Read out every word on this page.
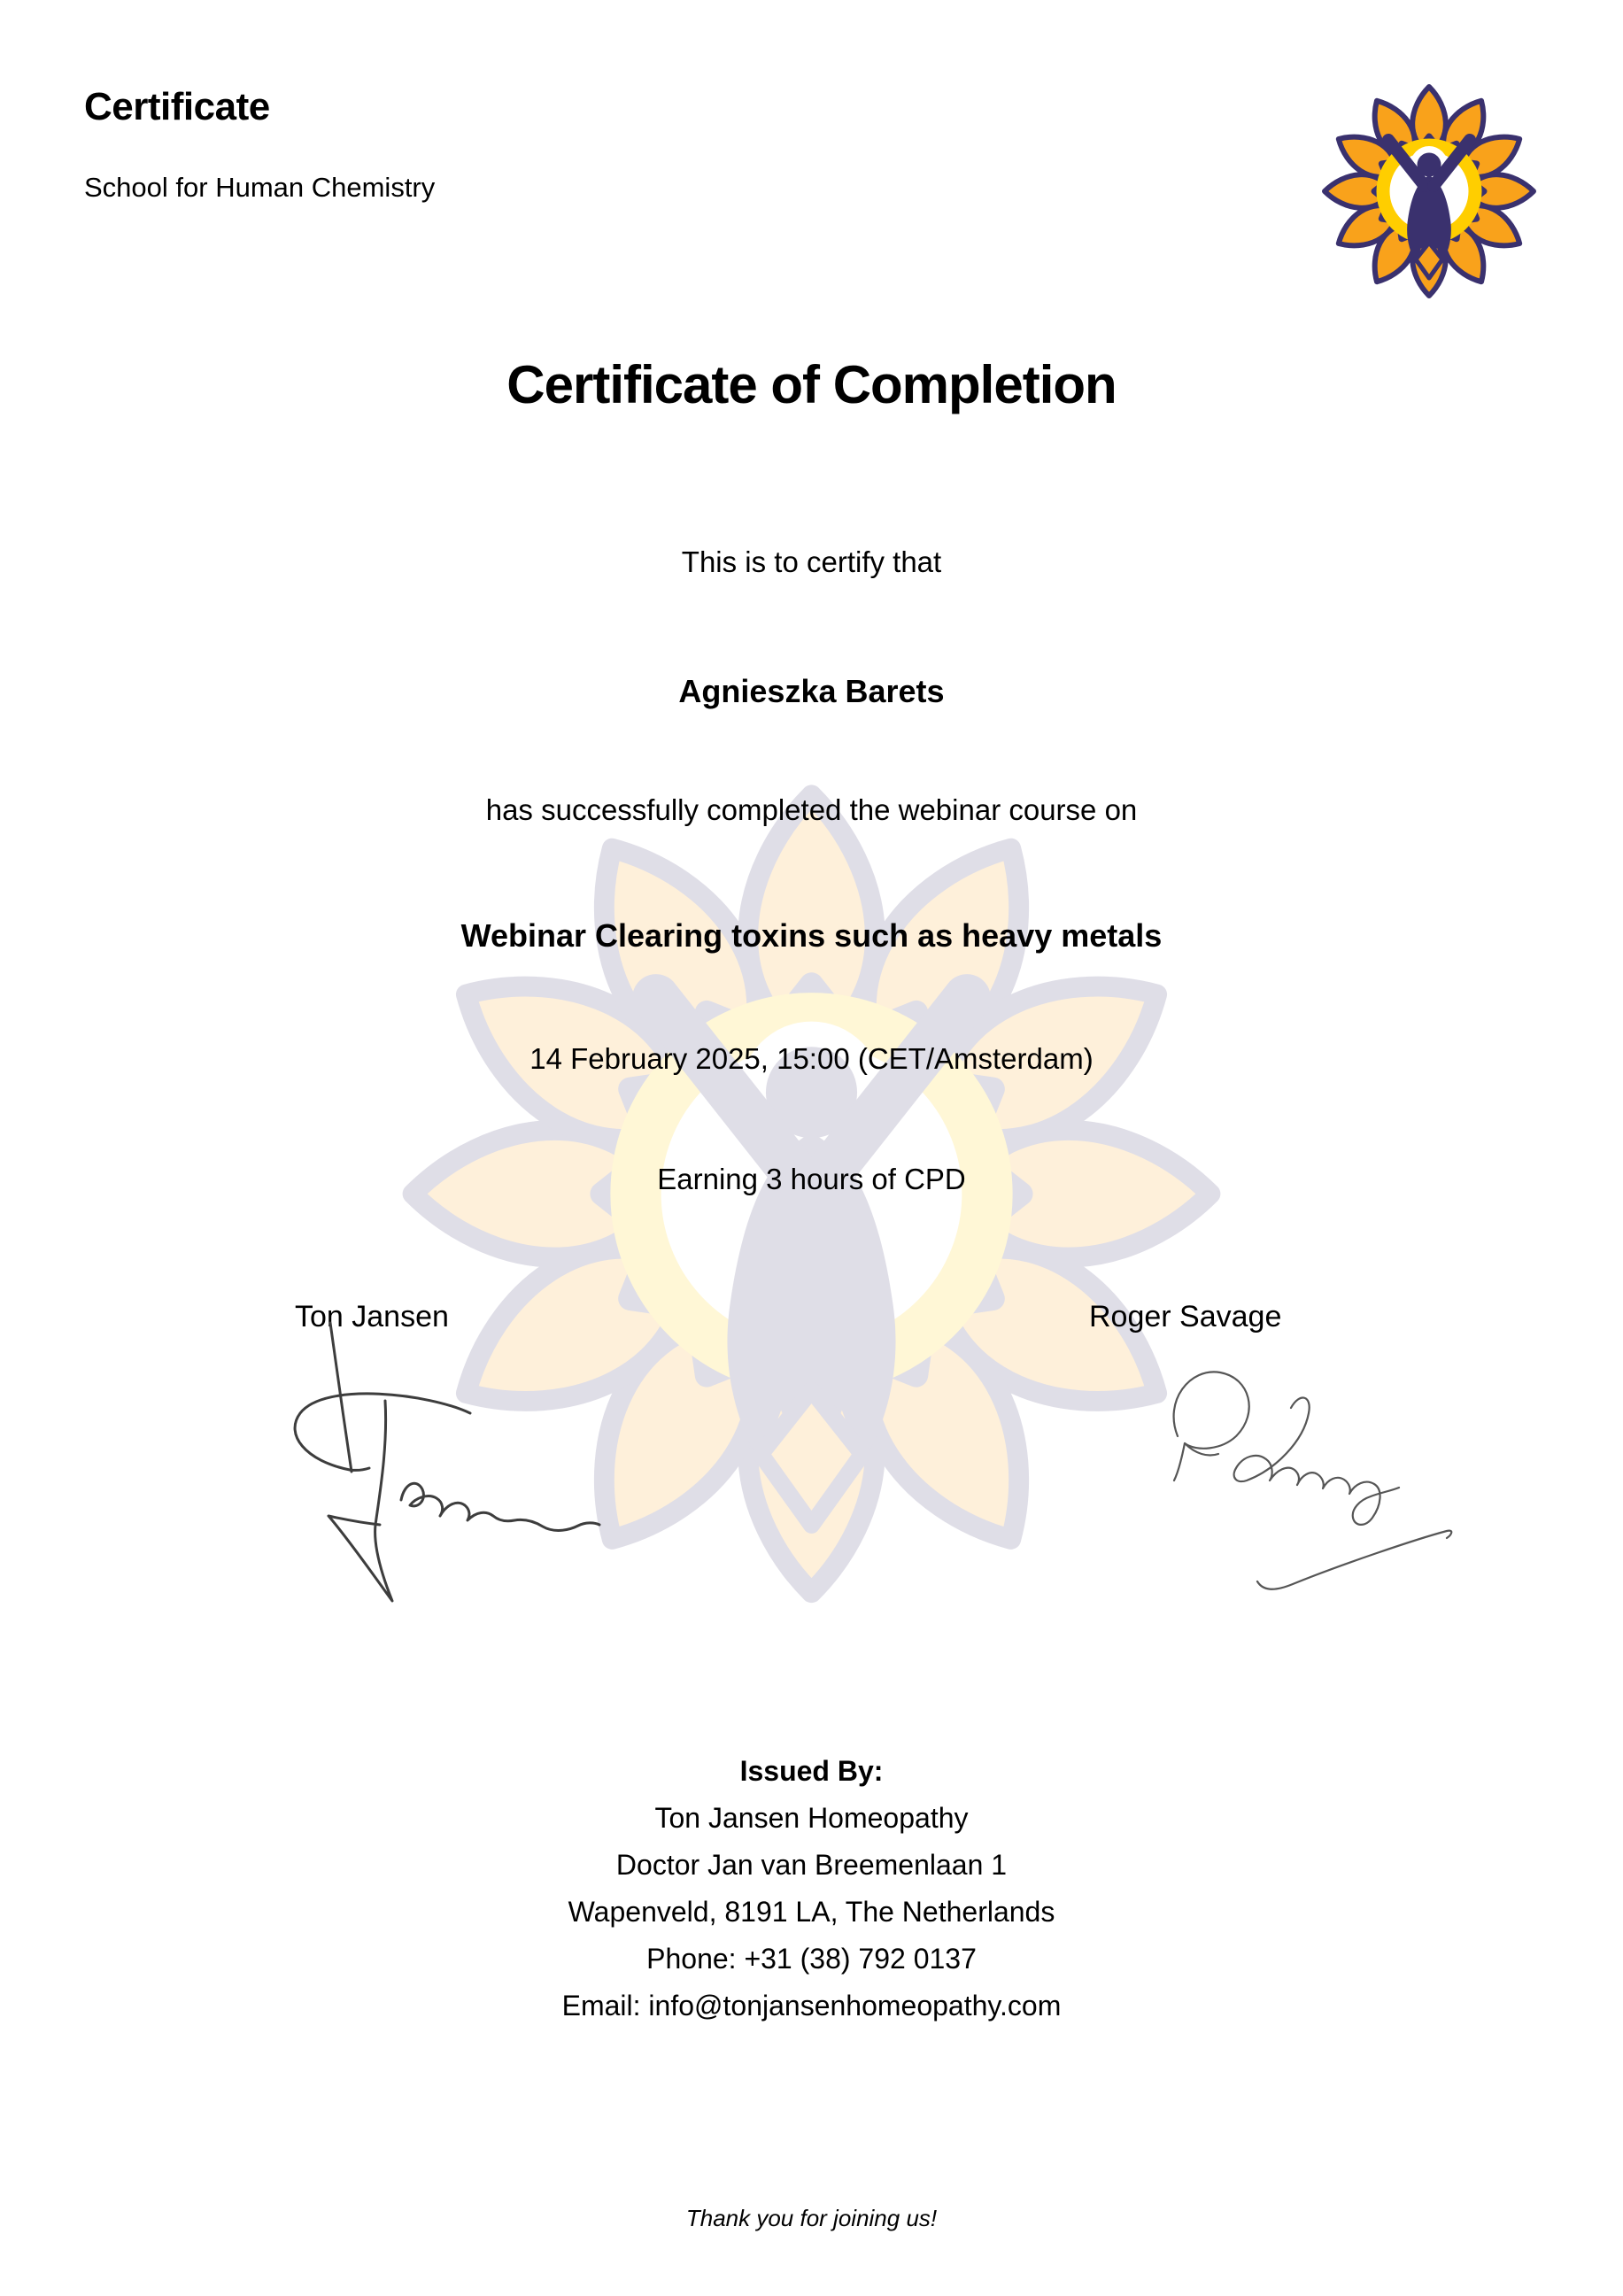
Certificate
School for Human Chemistry
Certificate of Completion
This is to certify that
Agnieszka Barets
has successfully completed the webinar course on
Webinar Clearing toxins such as heavy metals
14 February 2025, 15:00 (CET/Amsterdam)
Earning 3 hours of CPD
Ton Jansen	Roger Savage
Issued By:
Ton Jansen Homeopathy
Doctor Jan van Breemenlaan 1
Wapenveld, 8191 LA, The Netherlands
Phone: +31 (38) 792 0137
Email: info@tonjansenhomeopathy.com
Thank you for joining us!
